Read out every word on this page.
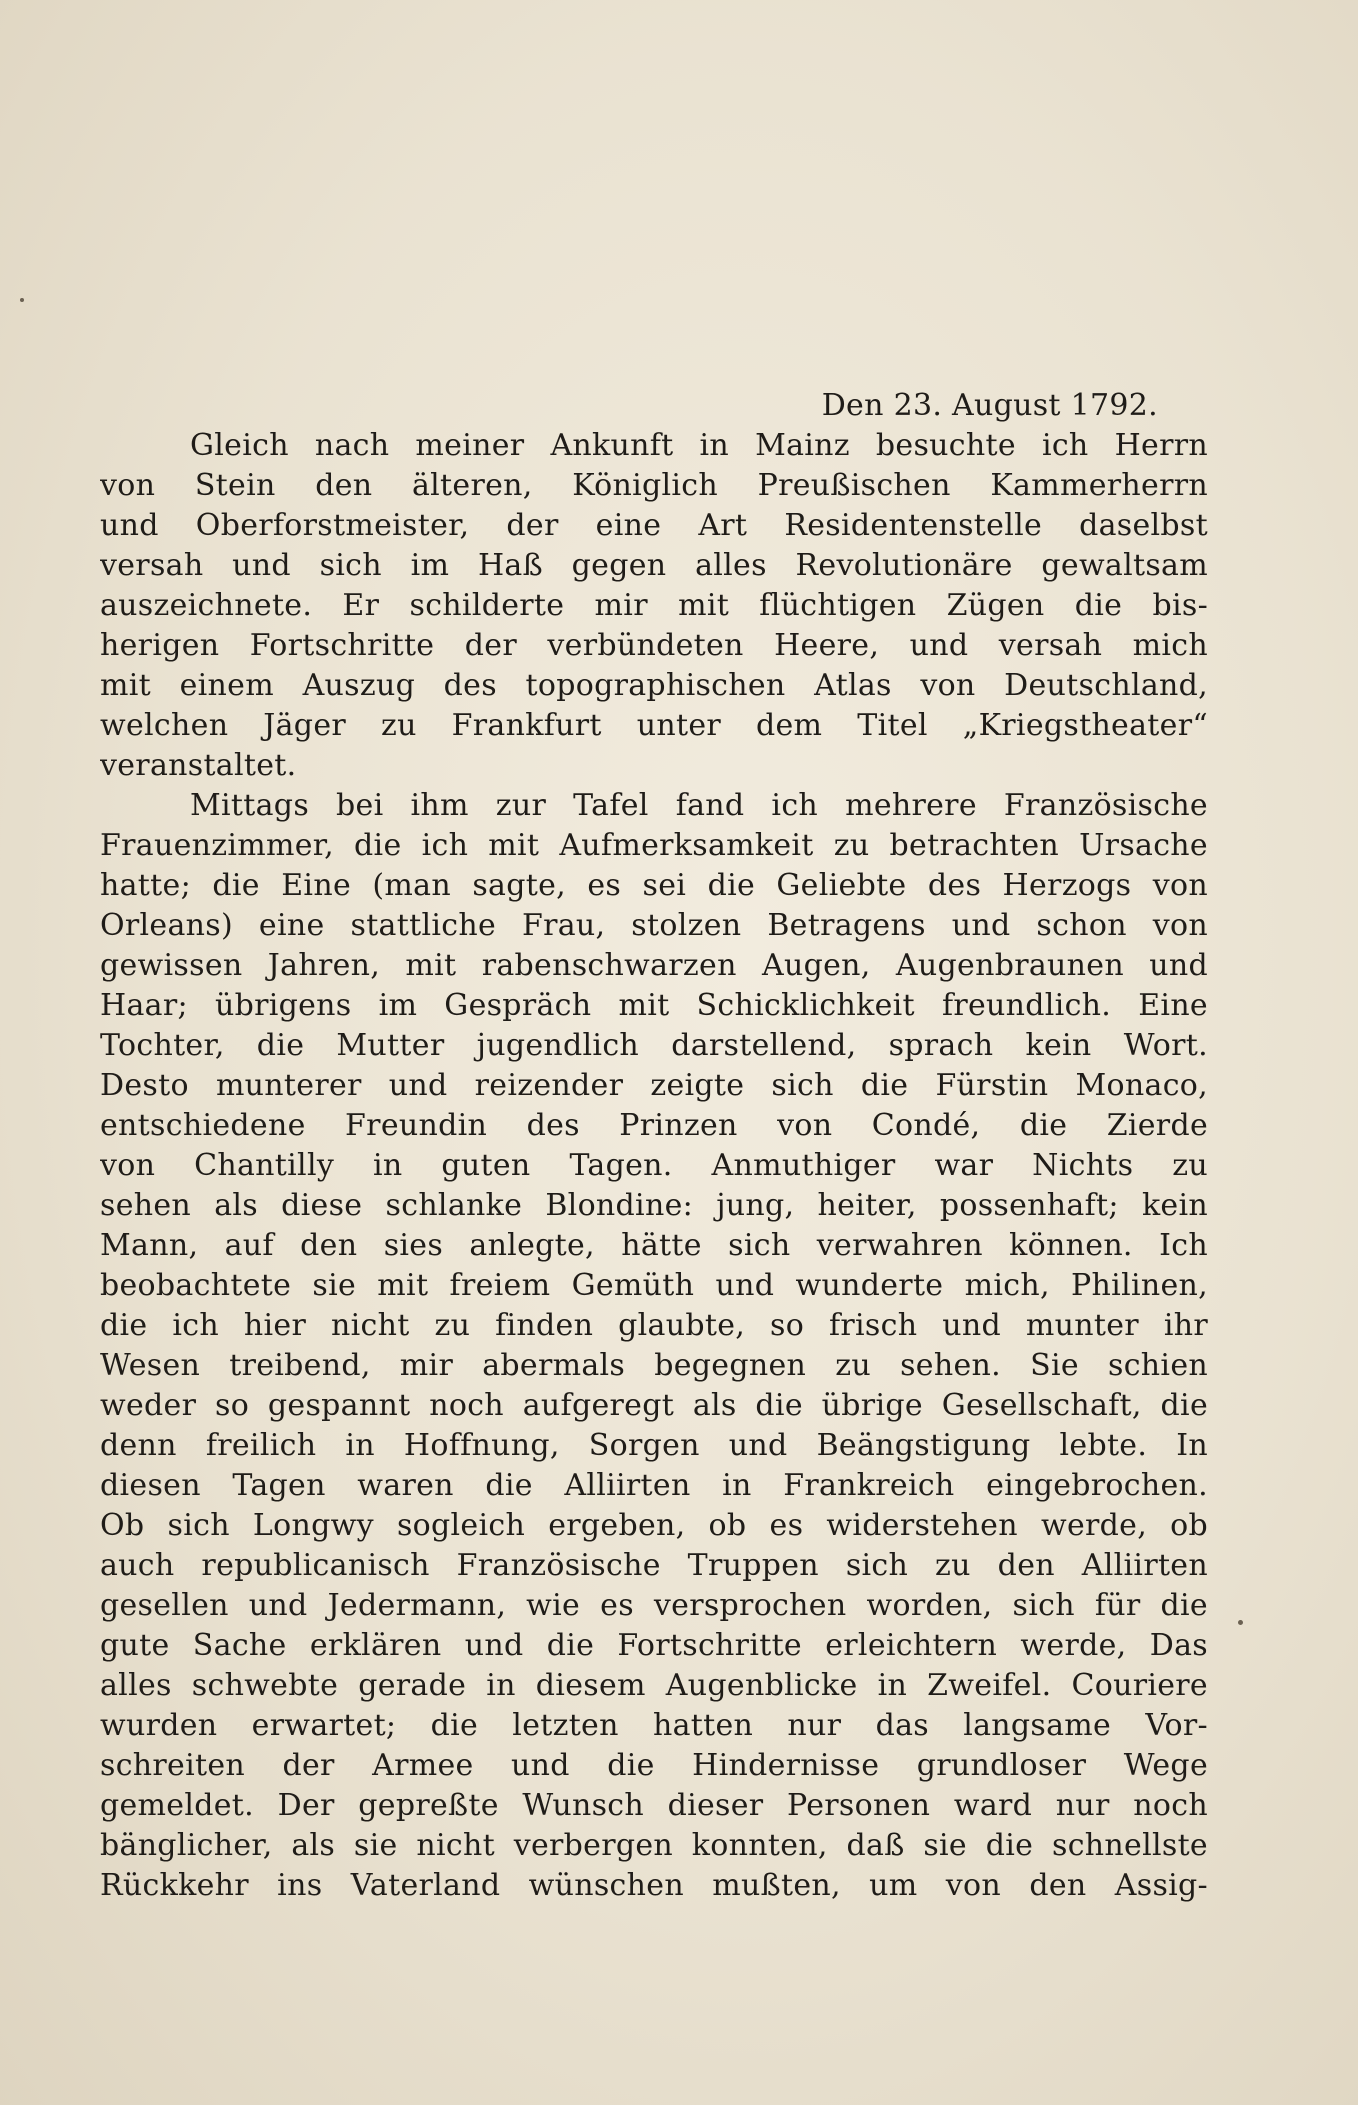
Den 23. August 1792.
Gleich nach meiner Ankunft in Mainz besuchte ich Herrn
von Stein den älteren, Königlich Preußischen Kammerherrn
und Oberforstmeister, der eine Art Residentenstelle daselbst
versah und sich im Haß gegen alles Revolutionäre gewaltsam
auszeichnete. Er schilderte mir mit flüchtigen Zügen die bis-
herigen Fortschritte der verbündeten Heere, und versah mich
mit einem Auszug des topographischen Atlas von Deutschland,
welchen Jäger zu Frankfurt unter dem Titel „Kriegstheater“
veranstaltet.
Mittags bei ihm zur Tafel fand ich mehrere Französische
Frauenzimmer, die ich mit Aufmerksamkeit zu betrachten Ursache
hatte; die Eine (man sagte, es sei die Geliebte des Herzogs von
Orleans) eine stattliche Frau, stolzen Betragens und schon von
gewissen Jahren, mit rabenschwarzen Augen, Augenbraunen und
Haar; übrigens im Gespräch mit Schicklichkeit freundlich. Eine
Tochter, die Mutter jugendlich darstellend, sprach kein Wort.
Desto munterer und reizender zeigte sich die Fürstin Monaco,
entschiedene Freundin des Prinzen von Condé, die Zierde
von Chantilly in guten Tagen. Anmuthiger war Nichts zu
sehen als diese schlanke Blondine: jung, heiter, possenhaft; kein
Mann, auf den sies anlegte, hätte sich verwahren können. Ich
beobachtete sie mit freiem Gemüth und wunderte mich, Philinen,
die ich hier nicht zu finden glaubte, so frisch und munter ihr
Wesen treibend, mir abermals begegnen zu sehen. Sie schien
weder so gespannt noch aufgeregt als die übrige Gesellschaft, die
denn freilich in Hoffnung, Sorgen und Beängstigung lebte. In
diesen Tagen waren die Alliirten in Frankreich eingebrochen.
Ob sich Longwy sogleich ergeben, ob es widerstehen werde, ob
auch republicanisch Französische Truppen sich zu den Alliirten
gesellen und Jedermann, wie es versprochen worden, sich für die
gute Sache erklären und die Fortschritte erleichtern werde, Das
alles schwebte gerade in diesem Augenblicke in Zweifel. Couriere
wurden erwartet; die letzten hatten nur das langsame Vor-
schreiten der Armee und die Hindernisse grundloser Wege
gemeldet. Der gepreßte Wunsch dieser Personen ward nur noch
bänglicher, als sie nicht verbergen konnten, daß sie die schnellste
Rückkehr ins Vaterland wünschen mußten, um von den Assig-
